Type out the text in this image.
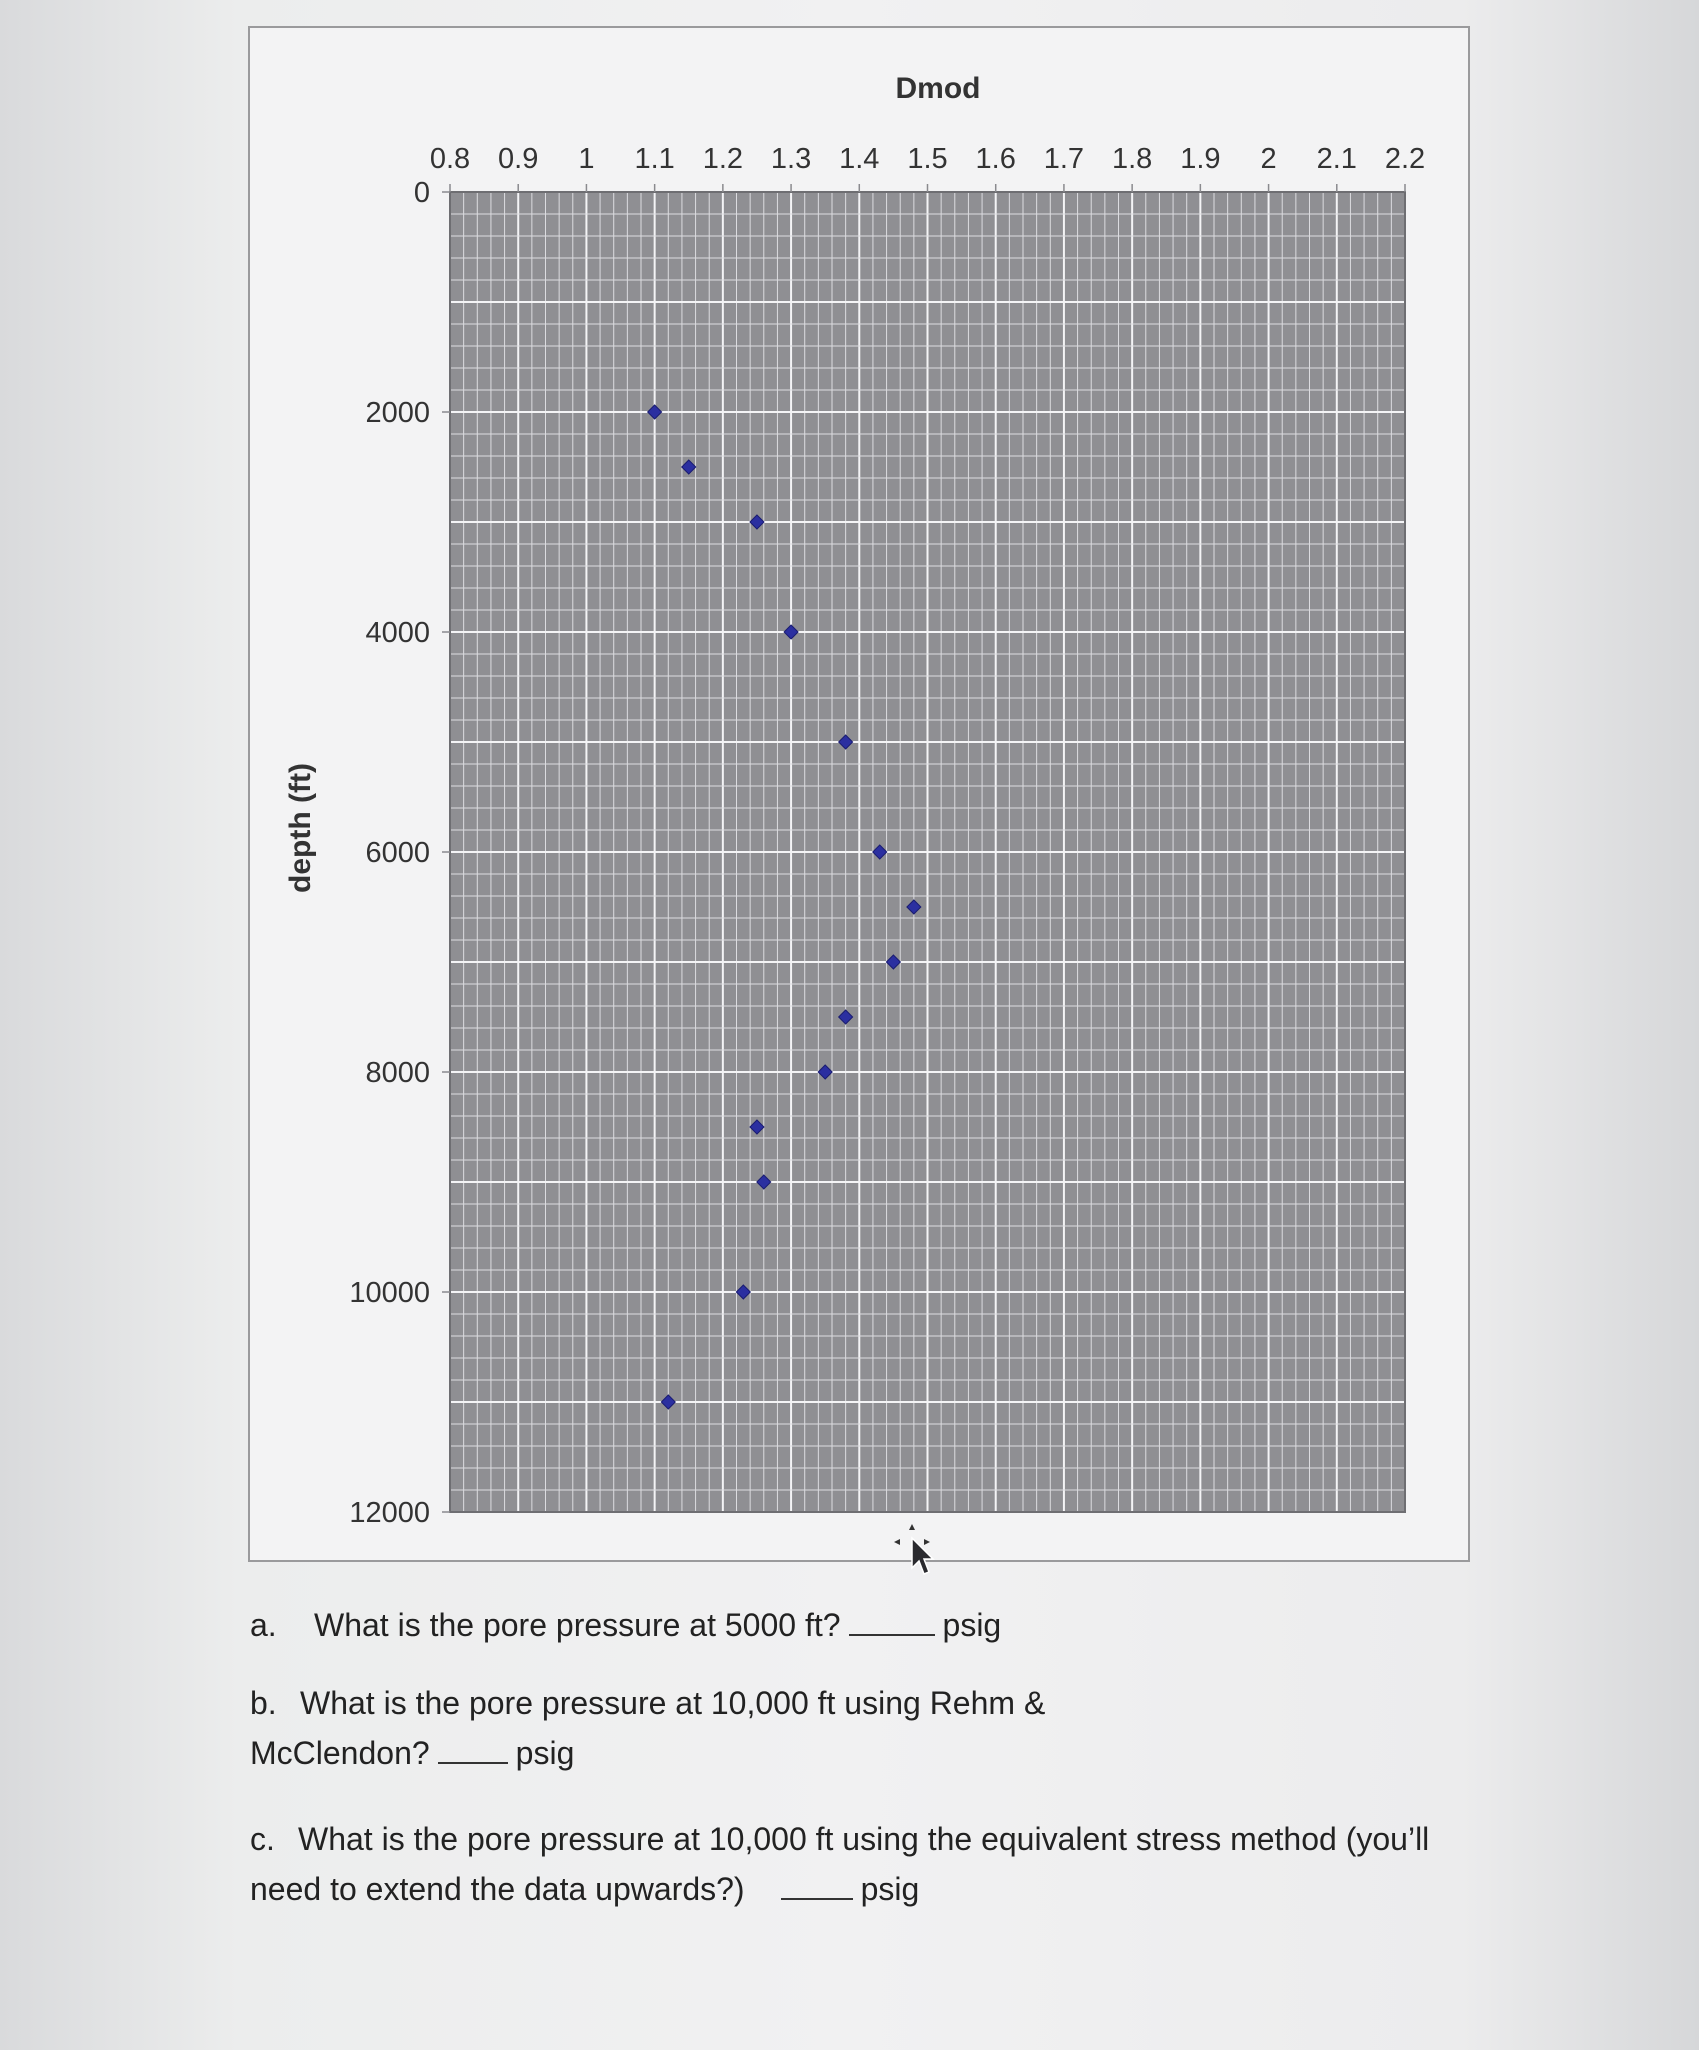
0.8 0.9 1 1.1 1.2 1.3 1.4 1.5 1.6 1.7 1.8 1.9 2 2.1 2.2
0
2000
4000
6000
8000
10000
12000
Dmod
depth (ft)
a. What is the pore pressure at 5000 ft?	psig
b. What is the pore pressure at 10,000 ft using Rehm &
McClendon?	psig
c. What is the pore pressure at 10,000 ft using the equivalent stress method (you’ll
need to extend the data upwards?)	psig
